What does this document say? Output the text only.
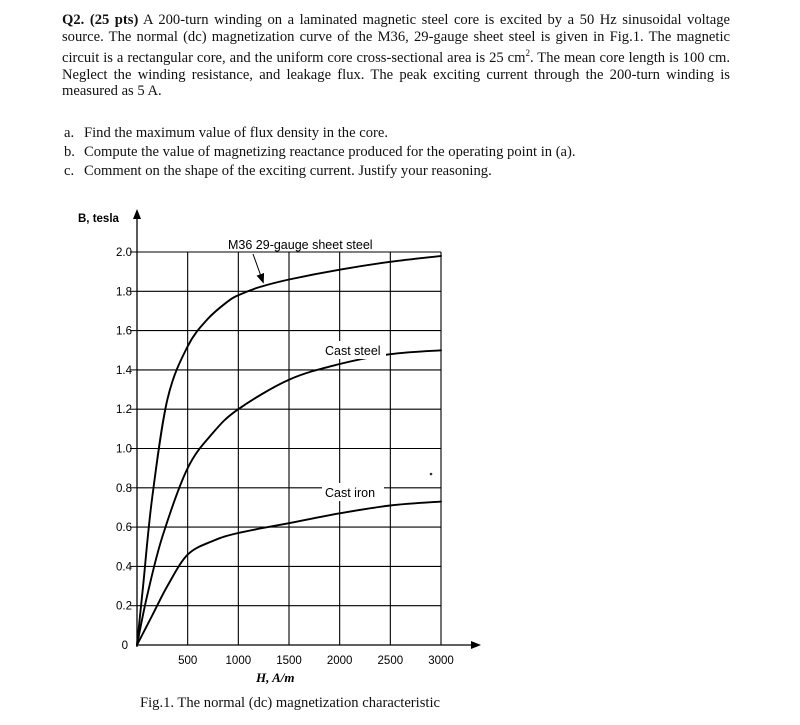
Q2. (25 pts) A 200-turn winding on a laminated magnetic steel core is excited by a 50 Hz sinusoidal voltage source. The normal (dc) magnetization curve of the M36, 29-gauge sheet steel is given in Fig.1. The magnetic circuit is a rectangular core, and the uniform core cross-sectional area is 25 $cm^2$. The mean core length is 100 cm. Neglect the winding resistance, and leakage flux. The peak exciting current through the 200-turn winding is measured as 5 A.
a. Find the maximum value of flux density in the core.
b. Compute the value of magnetizing reactance produced for the operating point in (a).
c. Comment on the shape of the exciting current. Justify your reasoning.
0
0.2
0.4
0.6
0.8
1.0
1.2
1.4
1.6
1.8
2.0
500 1000 1500 2000 2500 3000
B, tesla
H, A/m
M36 29-gauge sheet steel
Cast steel
Cast iron
Fig.1. The normal (dc) magnetization characteristic
